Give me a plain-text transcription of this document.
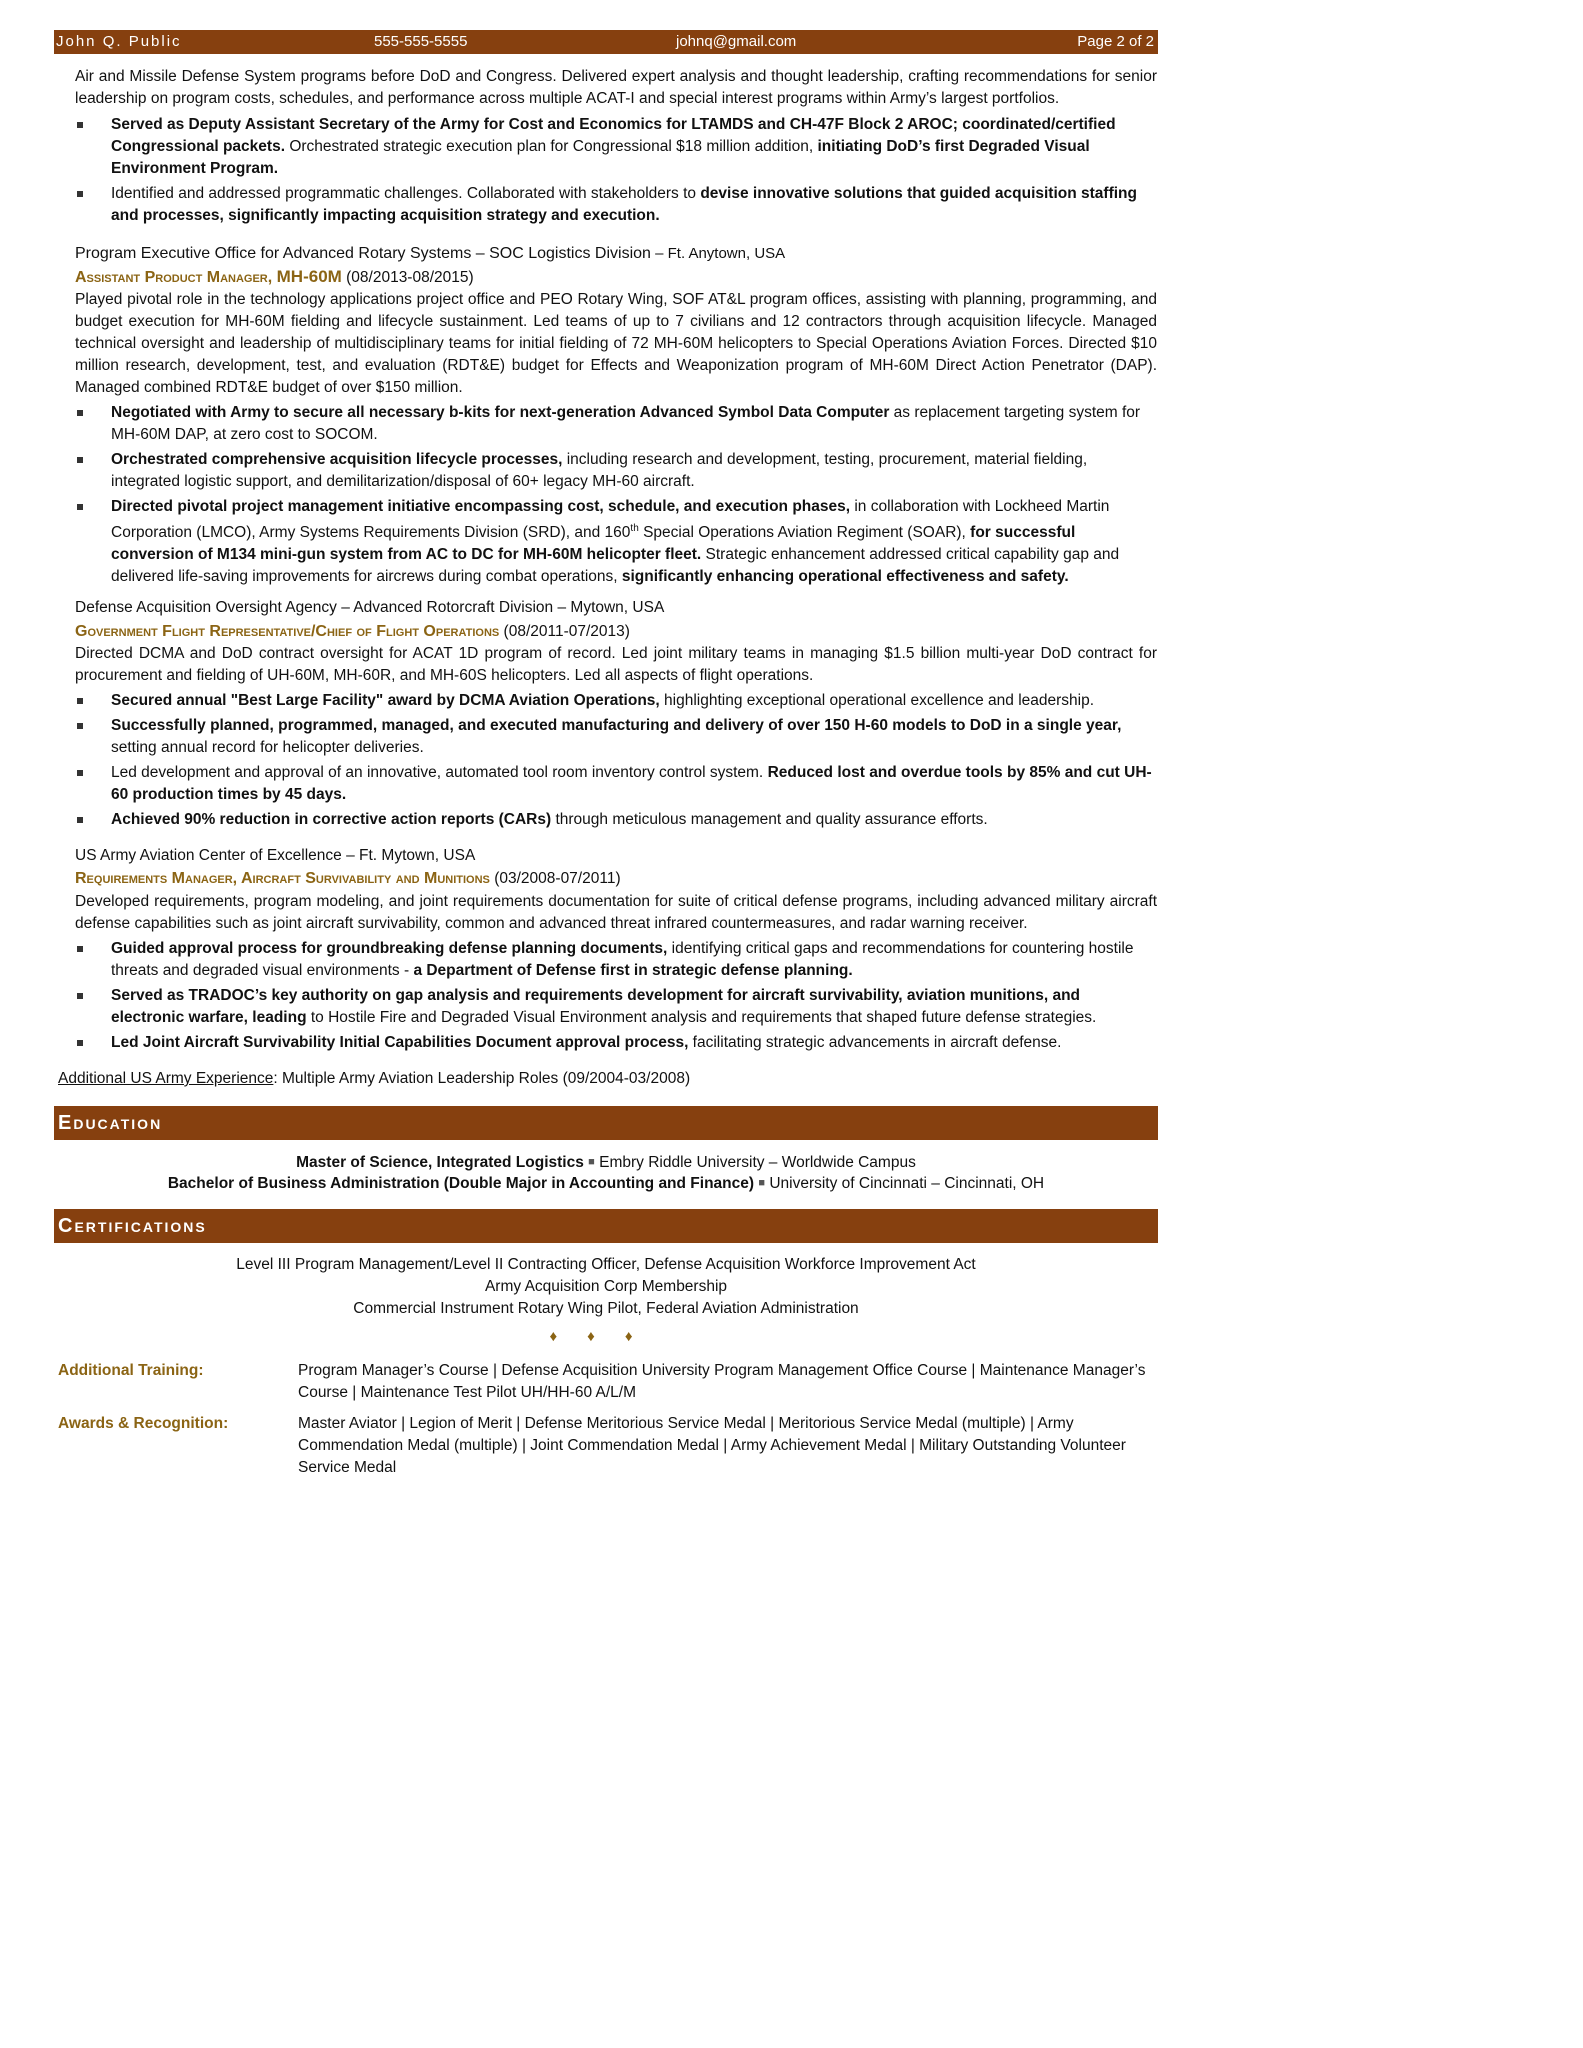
John Q. Public	555-555-5555	johnq@gmail.com	Page 2 of 2
Air and Missile Defense System programs before DoD and Congress. Delivered expert analysis and thought leadership, crafting recommendations for senior leadership on program costs, schedules, and performance across multiple ACAT-I and special interest programs within Army’s largest portfolios.
Served as Deputy Assistant Secretary of the Army for Cost and Economics for LTAMDS and CH-47F Block 2 AROC; coordinated/certified Congressional packets. Orchestrated strategic execution plan for Congressional $18 million addition, initiating DoD’s first Degraded Visual Environment Program.
Identified and addressed programmatic challenges. Collaborated with stakeholders to devise innovative solutions that guided acquisition staffing and processes, significantly impacting acquisition strategy and execution.
Program Executive Office for Advanced Rotary Systems – SOC Logistics Division – Ft. Anytown, USA
Assistant Product Manager, MH-60M (08/2013-08/2015)
Played pivotal role in the technology applications project office and PEO Rotary Wing, SOF AT&L program offices, assisting with planning, programming, and budget execution for MH-60M fielding and lifecycle sustainment. Led teams of up to 7 civilians and 12 contractors through acquisition lifecycle. Managed technical oversight and leadership of multidisciplinary teams for initial fielding of 72 MH-60M helicopters to Special Operations Aviation Forces. Directed $10 million research, development, test, and evaluation (RDT&E) budget for Effects and Weaponization program of MH-60M Direct Action Penetrator (DAP). Managed combined RDT&E budget of over $150 million.
Negotiated with Army to secure all necessary b-kits for next-generation Advanced Symbol Data Computer as replacement targeting system for MH-60M DAP, at zero cost to SOCOM.
Orchestrated comprehensive acquisition lifecycle processes, including research and development, testing, procurement, material fielding, integrated logistic support, and demilitarization/disposal of 60+ legacy MH-60 aircraft.
Directed pivotal project management initiative encompassing cost, schedule, and execution phases, in collaboration with Lockheed Martin Corporation (LMCO), Army Systems Requirements Division (SRD), and 160th Special Operations Aviation Regiment (SOAR), for successful conversion of M134 mini-gun system from AC to DC for MH-60M helicopter fleet. Strategic enhancement addressed critical capability gap and delivered life-saving improvements for aircrews during combat operations, significantly enhancing operational effectiveness and safety.
Defense Acquisition Oversight Agency – Advanced Rotorcraft Division – Mytown, USA
Government Flight Representative/Chief of Flight Operations (08/2011-07/2013)
Directed DCMA and DoD contract oversight for ACAT 1D program of record. Led joint military teams in managing $1.5 billion multi-year DoD contract for procurement and fielding of UH-60M, MH-60R, and MH-60S helicopters. Led all aspects of flight operations.
Secured annual "Best Large Facility" award by DCMA Aviation Operations, highlighting exceptional operational excellence and leadership.
Successfully planned, programmed, managed, and executed manufacturing and delivery of over 150 H-60 models to DoD in a single year, setting annual record for helicopter deliveries.
Led development and approval of an innovative, automated tool room inventory control system. Reduced lost and overdue tools by 85% and cut UH-60 production times by 45 days.
Achieved 90% reduction in corrective action reports (CARs) through meticulous management and quality assurance efforts.
US Army Aviation Center of Excellence – Ft. Mytown, USA
Requirements Manager, Aircraft Survivability and Munitions (03/2008-07/2011)
Developed requirements, program modeling, and joint requirements documentation for suite of critical defense programs, including advanced military aircraft defense capabilities such as joint aircraft survivability, common and advanced threat infrared countermeasures, and radar warning receiver.
Guided approval process for groundbreaking defense planning documents, identifying critical gaps and recommendations for countering hostile threats and degraded visual environments - a Department of Defense first in strategic defense planning.
Served as TRADOC’s key authority on gap analysis and requirements development for aircraft survivability, aviation munitions, and electronic warfare, leading to Hostile Fire and Degraded Visual Environment analysis and requirements that shaped future defense strategies.
Led Joint Aircraft Survivability Initial Capabilities Document approval process, facilitating strategic advancements in aircraft defense.
Additional US Army Experience: Multiple Army Aviation Leadership Roles (09/2004-03/2008)
Education
Master of Science, Integrated Logistics ■ Embry Riddle University – Worldwide Campus
Bachelor of Business Administration (Double Major in Accounting and Finance) ■ University of Cincinnati – Cincinnati, OH
Certifications
Level III Program Management/Level II Contracting Officer, Defense Acquisition Workforce Improvement Act
Army Acquisition Corp Membership
Commercial Instrument Rotary Wing Pilot, Federal Aviation Administration
♦♦♦
Additional Training:	Program Manager’s Course | Defense Acquisition University Program Management Office Course | Maintenance Manager’s Course | Maintenance Test Pilot UH/HH-60 A/L/M
Awards & Recognition:	Master Aviator | Legion of Merit | Defense Meritorious Service Medal | Meritorious Service Medal (multiple) | Army Commendation Medal (multiple) | Joint Commendation Medal | Army Achievement Medal | Military Outstanding Volunteer Service Medal
